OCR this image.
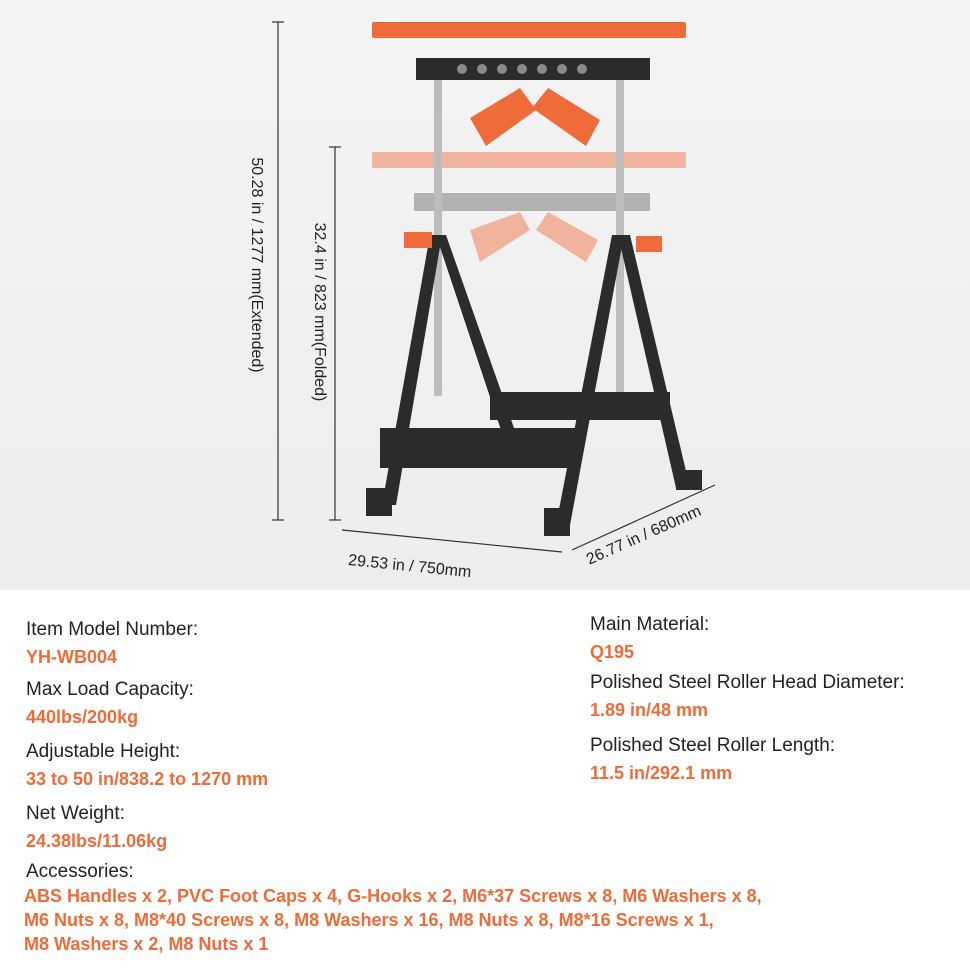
50.28 in / 1277 mm(Extended)	32.4 in / 823 mm(Folded)
29.53 in / 750mm	26.77 in / 680mm
Item Model Number:
YH-WB004
Max Load Capacity:
440lbs/200kg
Adjustable Height:
33 to 50 in/838.2 to 1270 mm
Net Weight:
24.38lbs/11.06kg
Main Material:
Q195
Polished Steel Roller Head Diameter:
1.89 in/48 mm
Polished Steel Roller Length:
11.5 in/292.1 mm
Accessories:
ABS Handles x 2, PVC Foot Caps x 4, G-Hooks x 2, M6*37 Screws x 8, M6 Washers x 8,
M6 Nuts x 8, M8*40 Screws x 8, M8 Washers x 16, M8 Nuts x 8, M8*16 Screws x 1,
M8 Washers x 2, M8 Nuts x 1
